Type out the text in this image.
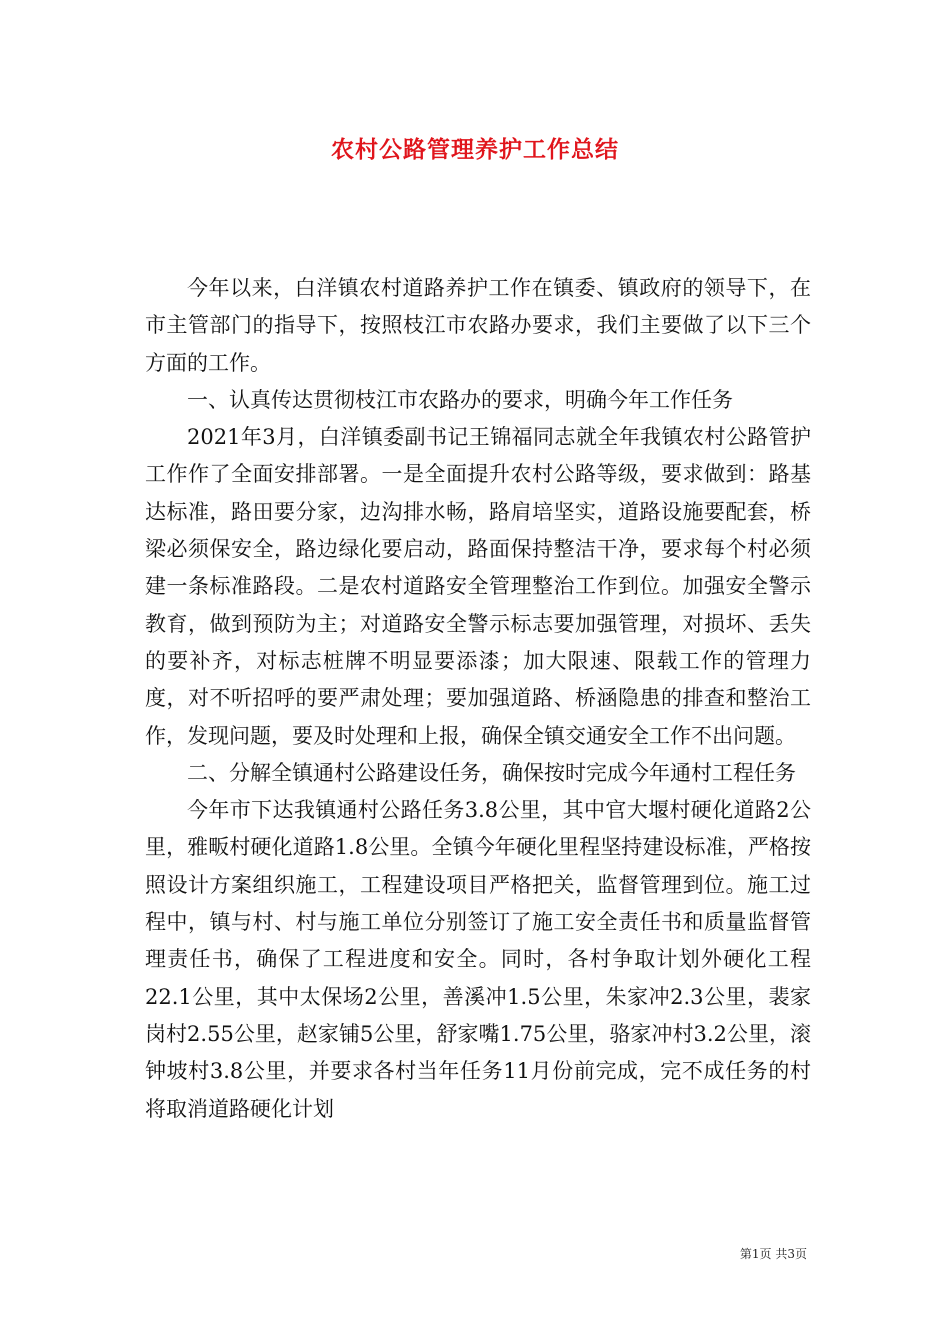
农村公路管理养护工作总结

今年以来，白洋镇农村道路养护工作在镇委、镇政府的领导下，在市主管部门的指导下，按照枝江市农路办要求，我们主要做了以下三个方面的工作。

一、认真传达贯彻枝江市农路办的要求，明确今年工作任务

2021年3月，白洋镇委副书记王锦福同志就全年我镇农村公路管护工作作了全面安排部署。一是全面提升农村公路等级，要求做到：路基达标准，路田要分家，边沟排水畅，路肩培坚实，道路设施要配套，桥梁必须保安全，路边绿化要启动，路面保持整洁干净，要求每个村必须建一条标准路段。二是农村道路安全管理整治工作到位。加强安全警示教育，做到预防为主；对道路安全警示标志要加强管理，对损坏、丢失的要补齐，对标志桩牌不明显要添漆；加大限速、限载工作的管理力度，对不听招呼的要严肃处理；要加强道路、桥涵隐患的排查和整治工作，发现问题，要及时处理和上报，确保全镇交通安全工作不出问题。

二、分解全镇通村公路建设任务，确保按时完成今年通村工程任务

今年市下达我镇通村公路任务3.8公里，其中官大堰村硬化道路2公里，雅畈村硬化道路1.8公里。全镇今年硬化里程坚持建设标准，严格按照设计方案组织施工，工程建设项目严格把关，监督管理到位。施工过程中，镇与村、村与施工单位分别签订了施工安全责任书和质量监督管理责任书，确保了工程进度和安全。同时，各村争取计划外硬化工程22.1公里，其中太保场2公里，善溪冲1.5公里，朱家冲2.3公里，裴家岗村2.55公里，赵家铺5公里，舒家嘴1.75公里，骆家冲村3.2公里，滚钟坡村3.8公里，并要求各村当年任务11月份前完成，完不成任务的村将取消道路硬化计划

第1页 共3页
